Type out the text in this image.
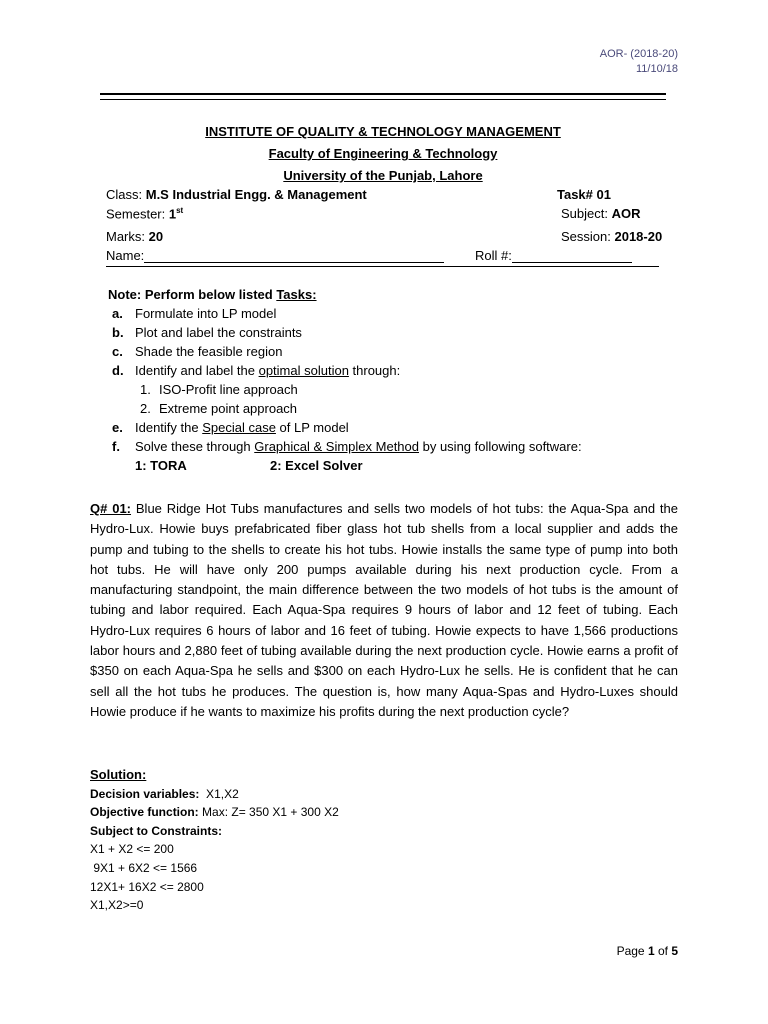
AOR- (2018-20)
11/10/18
INSTITUTE OF QUALITY & TECHNOLOGY MANAGEMENT
Faculty of Engineering & Technology
University of the Punjab, Lahore
Class: M.S Industrial Engg. & Management	Task# 01
Semester: 1st	Subject: AOR
Marks: 20	Session: 2018-20
Name:	Roll #:
Note: Perform below listed Tasks:
a. Formulate into LP model
b. Plot and label the constraints
c. Shade the feasible region
d. Identify and label the optimal solution through:
1. ISO-Profit line approach
2. Extreme point approach
e. Identify the Special case of LP model
f. Solve these through Graphical & Simplex Method by using following software:
1: TORA	2: Excel Solver
Q# 01: Blue Ridge Hot Tubs manufactures and sells two models of hot tubs: the Aqua-Spa and the Hydro-Lux. Howie buys prefabricated fiber glass hot tub shells from a local supplier and adds the pump and tubing to the shells to create his hot tubs. Howie installs the same type of pump into both hot tubs. He will have only 200 pumps available during his next production cycle. From a manufacturing standpoint, the main difference between the two models of hot tubs is the amount of tubing and labor required. Each Aqua-Spa requires 9 hours of labor and 12 feet of tubing. Each Hydro-Lux requires 6 hours of labor and 16 feet of tubing. Howie expects to have 1,566 productions labor hours and 2,880 feet of tubing available during the next production cycle. Howie earns a profit of $350 on each Aqua-Spa he sells and $300 on each Hydro-Lux he sells. He is confident that he can sell all the hot tubs he produces. The question is, how many Aqua-Spas and Hydro-Luxes should Howie produce if he wants to maximize his profits during the next production cycle?
Solution:
Decision variables:  X1,X2
Objective function: Max: Z= 350 X1 + 300 X2
Subject to Constraints:
X1 + X2 <= 200
9X1 + 6X2 <= 1566
12X1+ 16X2 <= 2800
X1,X2>=0
Page 1 of 5
